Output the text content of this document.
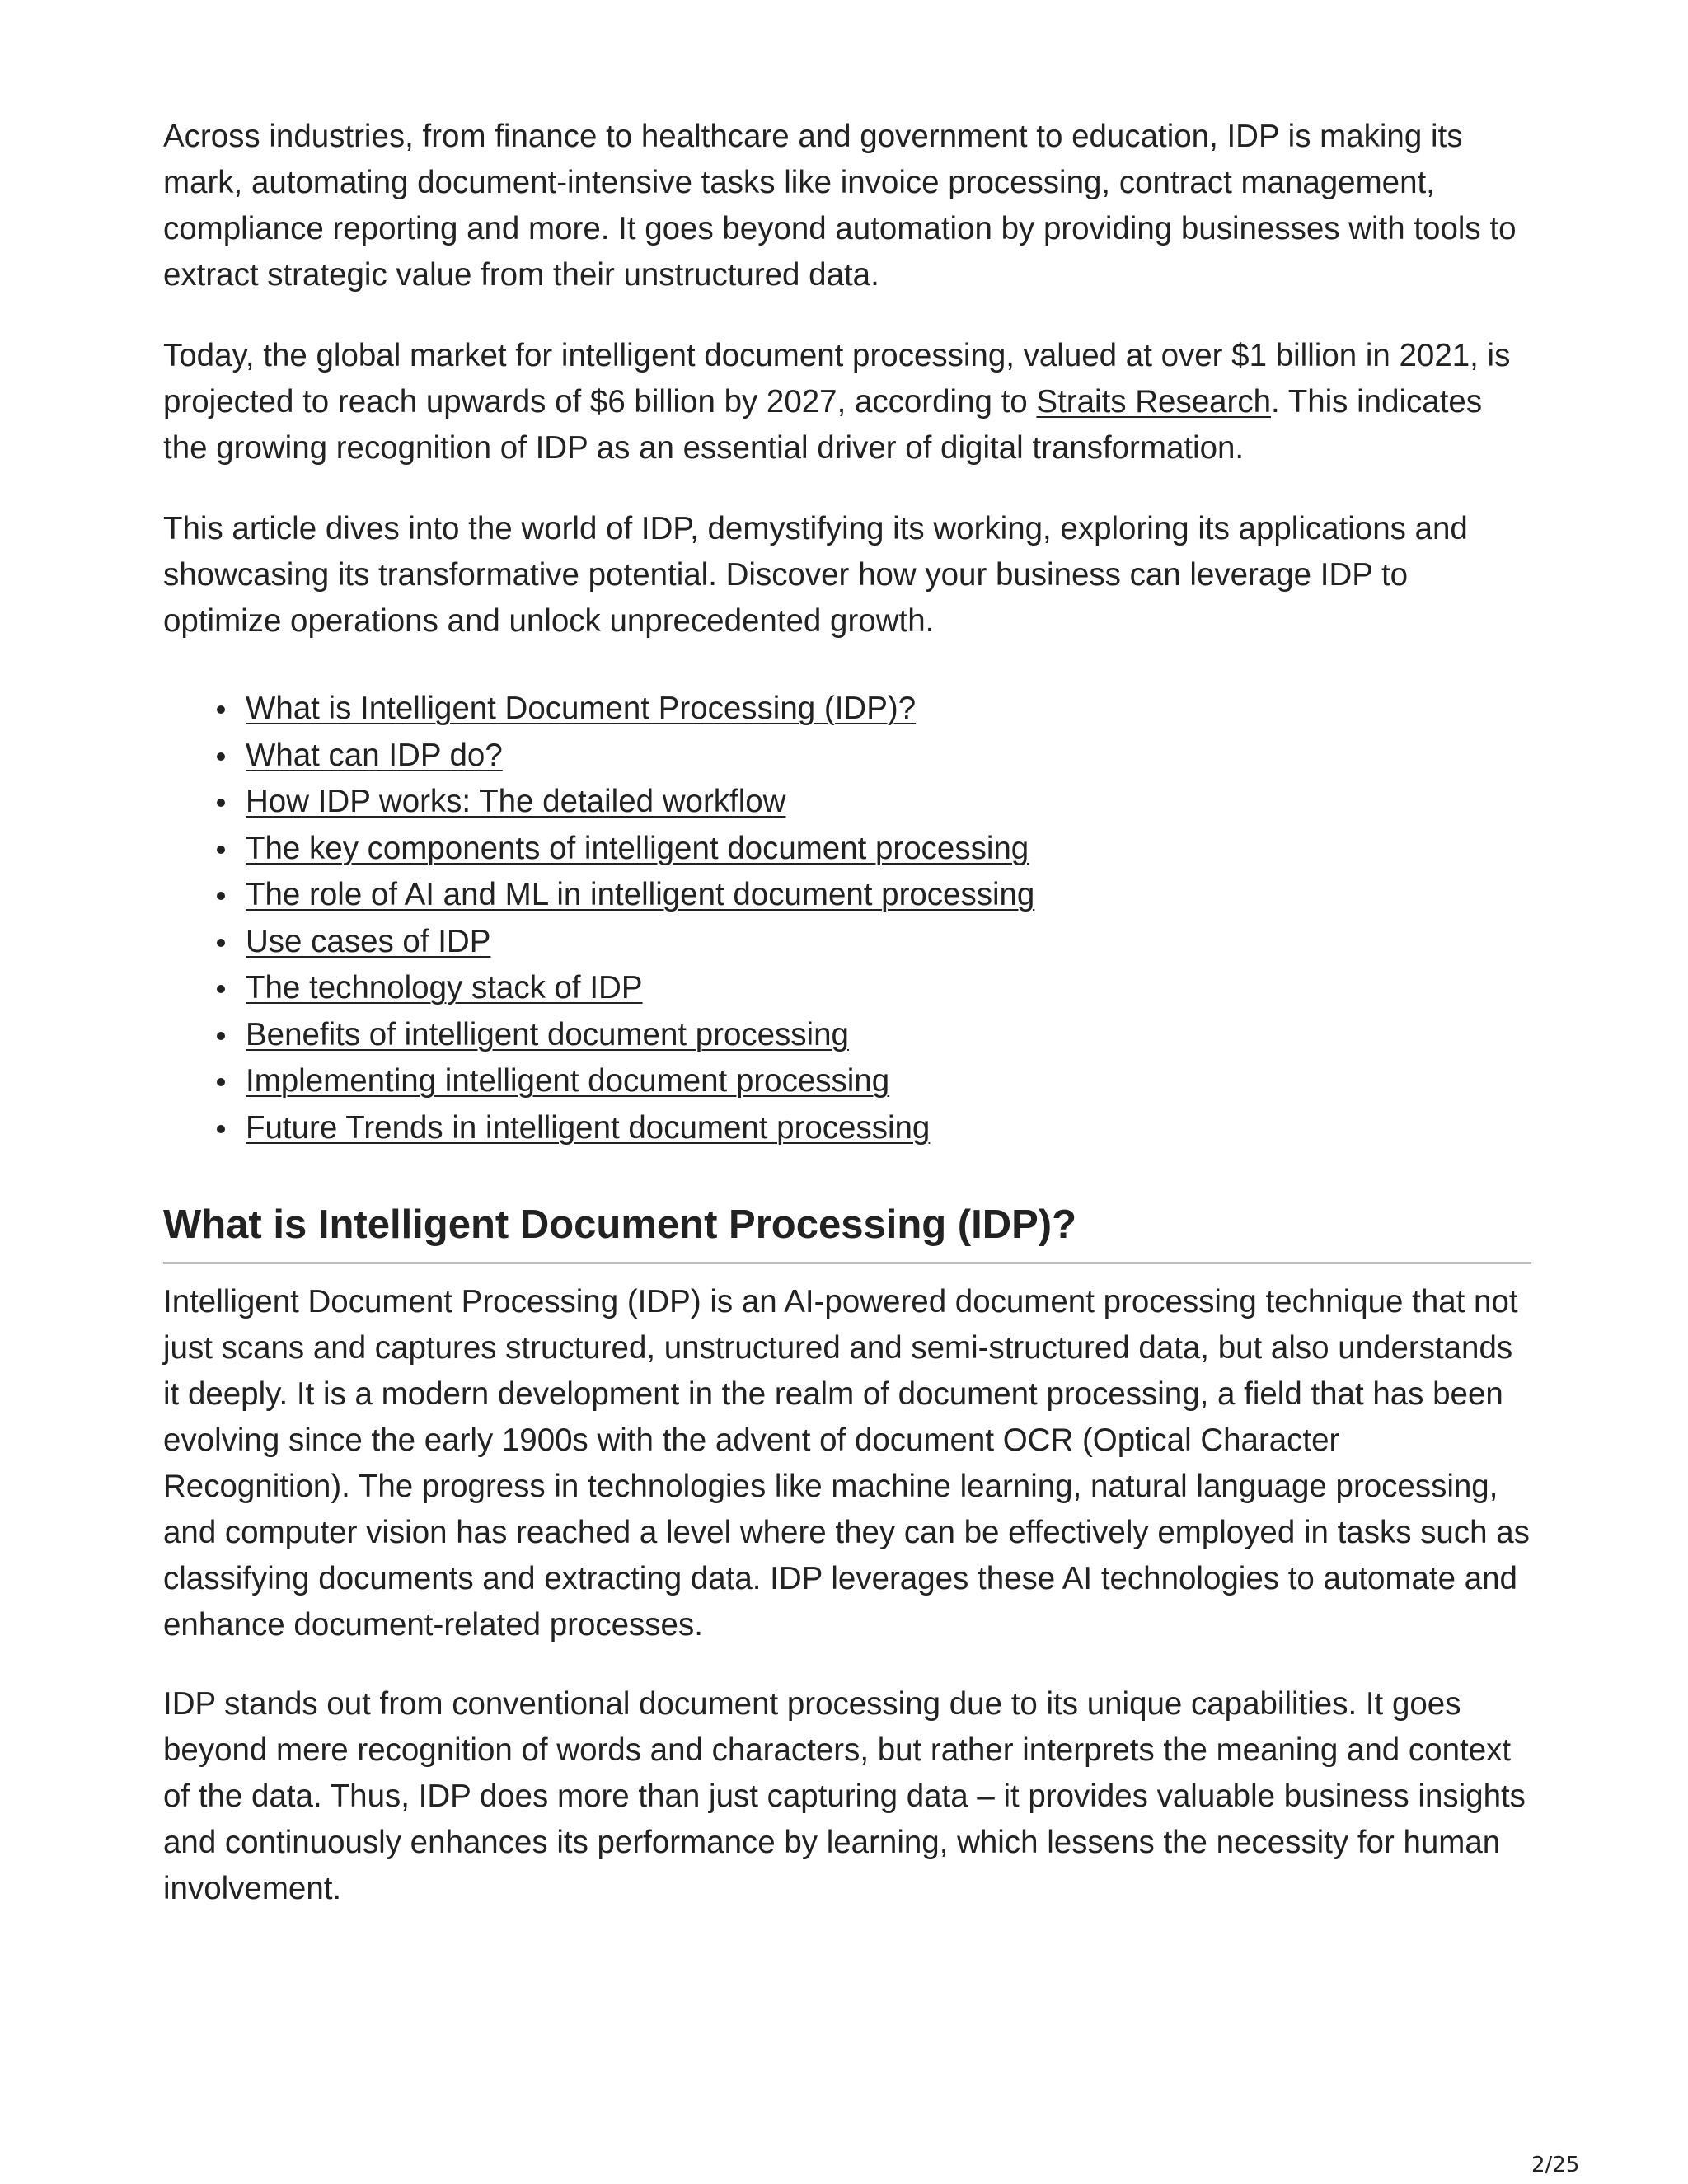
Across industries, from finance to healthcare and government to education, IDP is making its mark, automating document-intensive tasks like invoice processing, contract management, compliance reporting and more. It goes beyond automation by providing businesses with tools to extract strategic value from their unstructured data.

Today, the global market for intelligent document processing, valued at over $1 billion in 2021, is projected to reach upwards of $6 billion by 2027, according to Straits Research. This indicates the growing recognition of IDP as an essential driver of digital transformation.

This article dives into the world of IDP, demystifying its working, exploring its applications and showcasing its transformative potential. Discover how your business can leverage IDP to optimize operations and unlock unprecedented growth.

What is Intelligent Document Processing (IDP)?
What can IDP do?
How IDP works: The detailed workflow
The key components of intelligent document processing
The role of AI and ML in intelligent document processing
Use cases of IDP
The technology stack of IDP
Benefits of intelligent document processing
Implementing intelligent document processing
Future Trends in intelligent document processing
What is Intelligent Document Processing (IDP)?

Intelligent Document Processing (IDP) is an AI-powered document processing technique that not just scans and captures structured, unstructured and semi-structured data, but also understands it deeply. It is a modern development in the realm of document processing, a field that has been evolving since the early 1900s with the advent of document OCR (Optical Character Recognition). The progress in technologies like machine learning, natural language processing, and computer vision has reached a level where they can be effectively employed in tasks such as classifying documents and extracting data. IDP leverages these AI technologies to automate and enhance document-related processes.

IDP stands out from conventional document processing due to its unique capabilities. It goes beyond mere recognition of words and characters, but rather interprets the meaning and context of the data. Thus, IDP does more than just capturing data – it provides valuable business insights and continuously enhances its performance by learning, which lessens the necessity for human involvement.

2/25
